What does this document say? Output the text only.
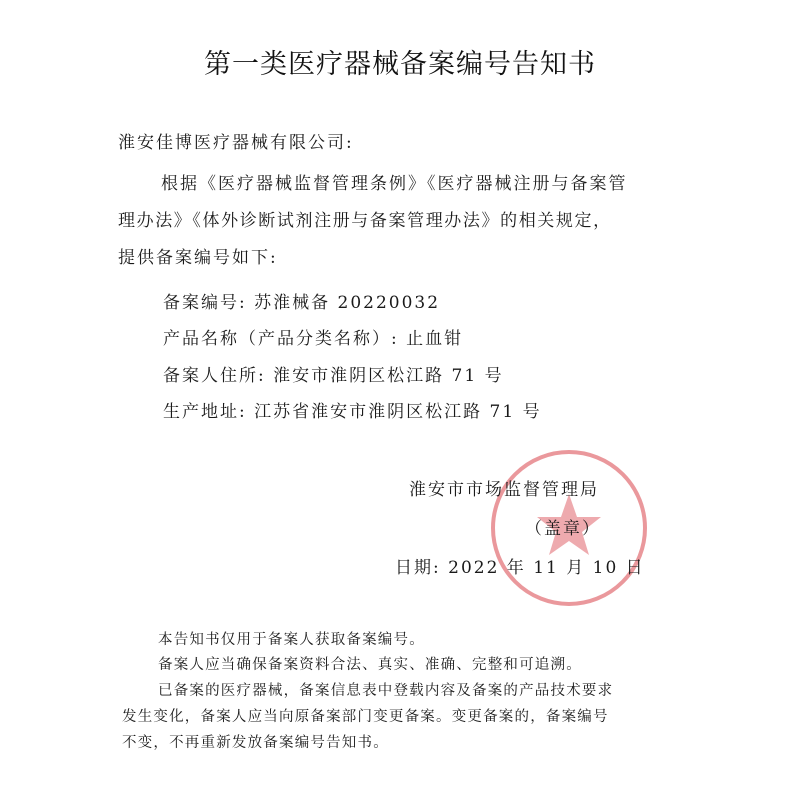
第一类医疗器械备案编号告知书
淮安佳博医疗器械有限公司:
根据《医疗器械监督管理条例》《医疗器械注册与备案管
理办法》《体外诊断试剂注册与备案管理办法》的相关规定，
提供备案编号如下:
备案编号: 苏淮械备 20220032
产品名称（产品分类名称）: 止血钳
备案人住所: 淮安市淮阴区松江路 71 号
生产地址: 江苏省淮安市淮阴区松江路 71 号
淮安市市场监督管理局
（盖章）
日期: 2022 年 11 月 10 日
本告知书仅用于备案人获取备案编号。
备案人应当确保备案资料合法、真实、准确、完整和可追溯。
已备案的医疗器械，备案信息表中登载内容及备案的产品技术要求
发生变化，备案人应当向原备案部门变更备案。变更备案的，备案编号
不变，不再重新发放备案编号告知书。
